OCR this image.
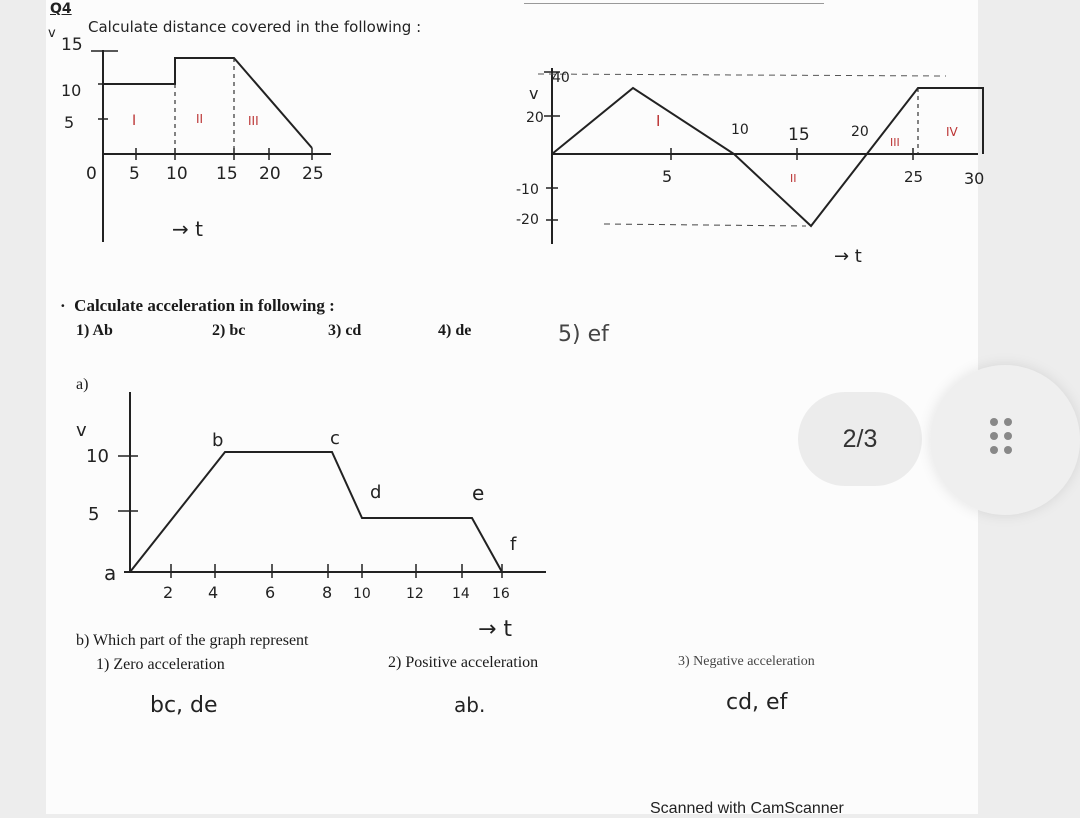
Q4
Calculate distance covered in the following :
15
10
5
0 5 10 15 20 25
I	II	III
→ t
v
40
20
-10
-20
I	10 15	20
5	II
III
IV
25	30
→ t
v
·  Calculate acceleration in following :
1) Ab	2) bc	3) cd	4) de	5) ef
a)
v
10
5
a
b	c
d	e
f
2 4	6	8 10	12 14 16
→ t
b) Which part of the graph represent
1) Zero acceleration	2) Positive acceleration	3) Negative acceleration
bc, de	ab.	cd, ef
Scanned with CamScanner
2/3
